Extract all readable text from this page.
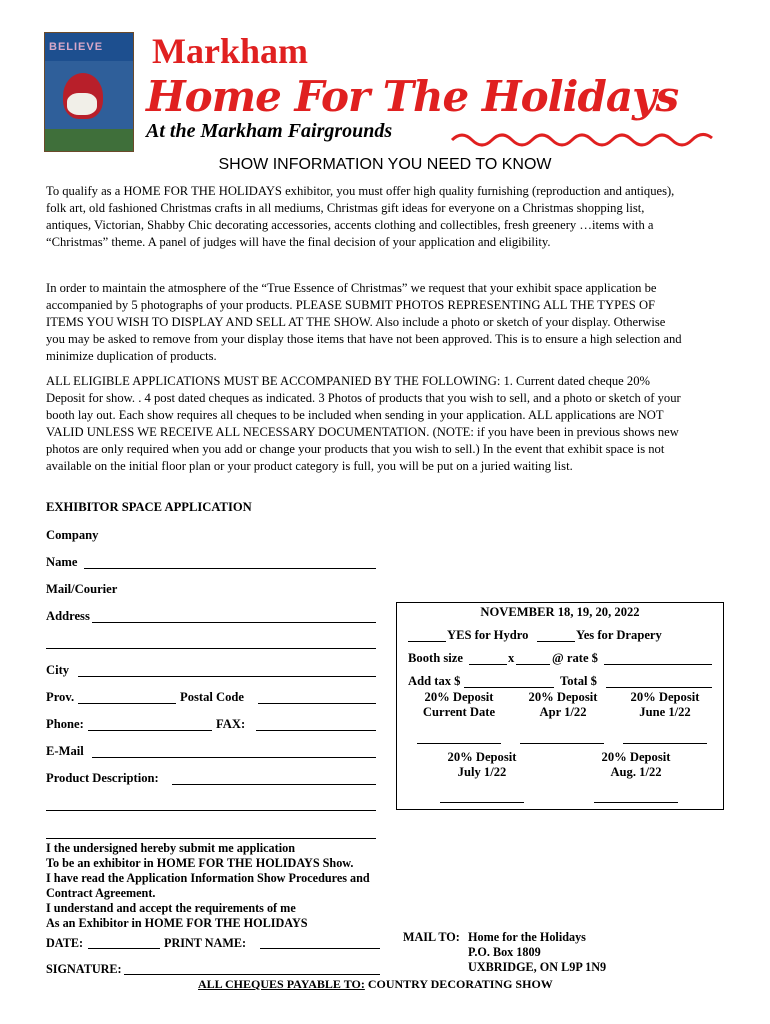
BELIEVE Markham
Home For The Holidays
At the Markham Fairgrounds
SHOW INFORMATION YOU NEED TO KNOW
To qualify as a HOME FOR THE HOLIDAYS exhibitor, you must offer high quality furnishing (reproduction and antiques), folk art, old fashioned Christmas crafts in all mediums, Christmas gift ideas for everyone on a Christmas shopping list, antiques, Victorian, Shabby Chic decorating accessories, accents clothing and collectibles, fresh greenery …items with a “Christmas” theme. A panel of judges will have the final decision of your application and eligibility.
In order to maintain the atmosphere of the “True Essence of Christmas” we request that your exhibit space application be accompanied by 5 photographs of your products. PLEASE SUBMIT PHOTOS REPRESENTING ALL THE TYPES OF ITEMS YOU WISH TO DISPLAY AND SELL AT THE SHOW. Also include a photo or sketch of your display. Otherwise you may be asked to remove from your display those items that have not been approved. This is to ensure a high selection and minimize duplication of products.
ALL ELIGIBLE APPLICATIONS MUST BE ACCOMPANIED BY THE FOLLOWING: 1. Current dated cheque 20% Deposit for show. . 4 post dated cheques as indicated. 3 Photos of products that you wish to sell, and a photo or sketch of your booth lay out. Each show requires all cheques to be included when sending in your application. ALL applications are NOT VALID UNLESS WE RECEIVE ALL NECESSARY DOCUMENTATION. (NOTE: if you have been in previous shows new photos are only required when you add or change your products that you wish to sell.) In the event that exhibit space is not available on the initial floor plan or your product category is full, you will be put on a juried waiting list.
EXHIBITOR SPACE APPLICATION
Company
Name
Mail/Courier
Address
City
Prov.	Postal Code
Phone:	FAX:
E-Mail
Product Description:
NOVEMBER 18, 19, 20, 2022
YES for Hydro	Yes for Drapery
Booth size	x	@ rate $
Add tax $	Total $
20% Deposit
Current Date
20% Deposit
Apr 1/22
20% Deposit
June 1/22
20% Deposit
July 1/22
20% Deposit
Aug. 1/22
I the undersigned hereby submit me application
To be an exhibitor in HOME FOR THE HOLIDAYS Show.
I have read the Application Information Show Procedures and
Contract Agreement.
I understand and accept the requirements of me
As an Exhibitor in HOME FOR THE HOLIDAYS
DATE:	PRINT NAME:
SIGNATURE:
MAIL TO: Home for the Holidays
P.O. Box 1809
UXBRIDGE, ON L9P 1N9
ALL CHEQUES PAYABLE TO: COUNTRY DECORATING SHOW
